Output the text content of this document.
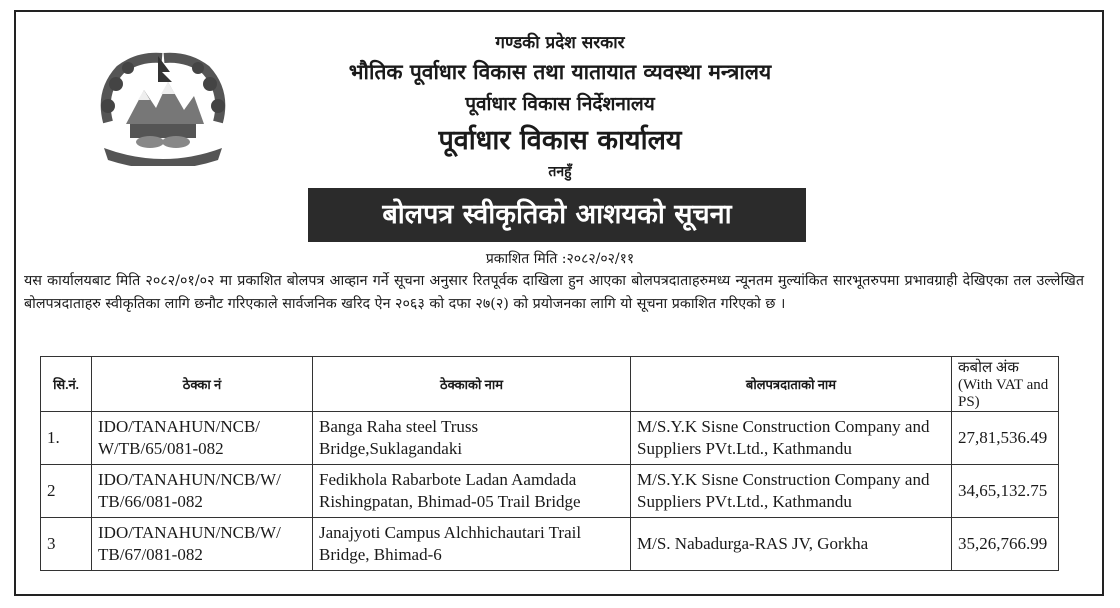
गण्डकी प्रदेश सरकार
भौतिक पूर्वाधार विकास तथा यातायात व्यवस्था मन्त्रालय
पूर्वाधार विकास निर्देशनालय
पूर्वाधार विकास कार्यालय
तनहुँ
बोलपत्र स्वीकृतिको आशयको सूचना
प्रकाशित मिति :२०८२/०२/११
यस कार्यालयबाट मिति २०८२/०१/०२ मा प्रकाशित बोलपत्र आव्हान गर्ने सूचना अनुसार रितपूर्वक दाखिला हुन आएका बोलपत्रदाताहरुमध्य न्यूनतम मुल्यांकित सारभूतरुपमा प्रभावग्राही देखिएका तल उल्लेखित बोलपत्रदाताहरु स्वीकृतिका लागि छनौट गरिएकाले सार्वजनिक खरिद ऐन २०६३ को दफा २७(२) को प्रयोजनका लागि यो सूचना प्रकाशित गरिएको छ ।
सि.नं.	ठेक्का नं	ठेक्काको नाम	बोलपत्रदाताको नाम	कबोल अंक (With VAT and PS)
1.	IDO/TANAHUN/NCB/ W/TB/65/081-082	Banga Raha steel Truss Bridge,Suklagandaki	M/S.Y.K Sisne Construction Company and Suppliers PVt.Ltd., Kathmandu	27,81,536.49
2	IDO/TANAHUN/NCB/W/ TB/66/081-082	Fedikhola Rabarbote Ladan Aamdada Rishingpatan, Bhimad-05 Trail Bridge	M/S.Y.K Sisne Construction Company and Suppliers PVt.Ltd., Kathmandu	34,65,132.75
3	IDO/TANAHUN/NCB/W/ TB/67/081-082	Janajyoti Campus Alchhichautari Trail Bridge, Bhimad-6	M/S. Nabadurga-RAS JV, Gorkha	35,26,766.99
